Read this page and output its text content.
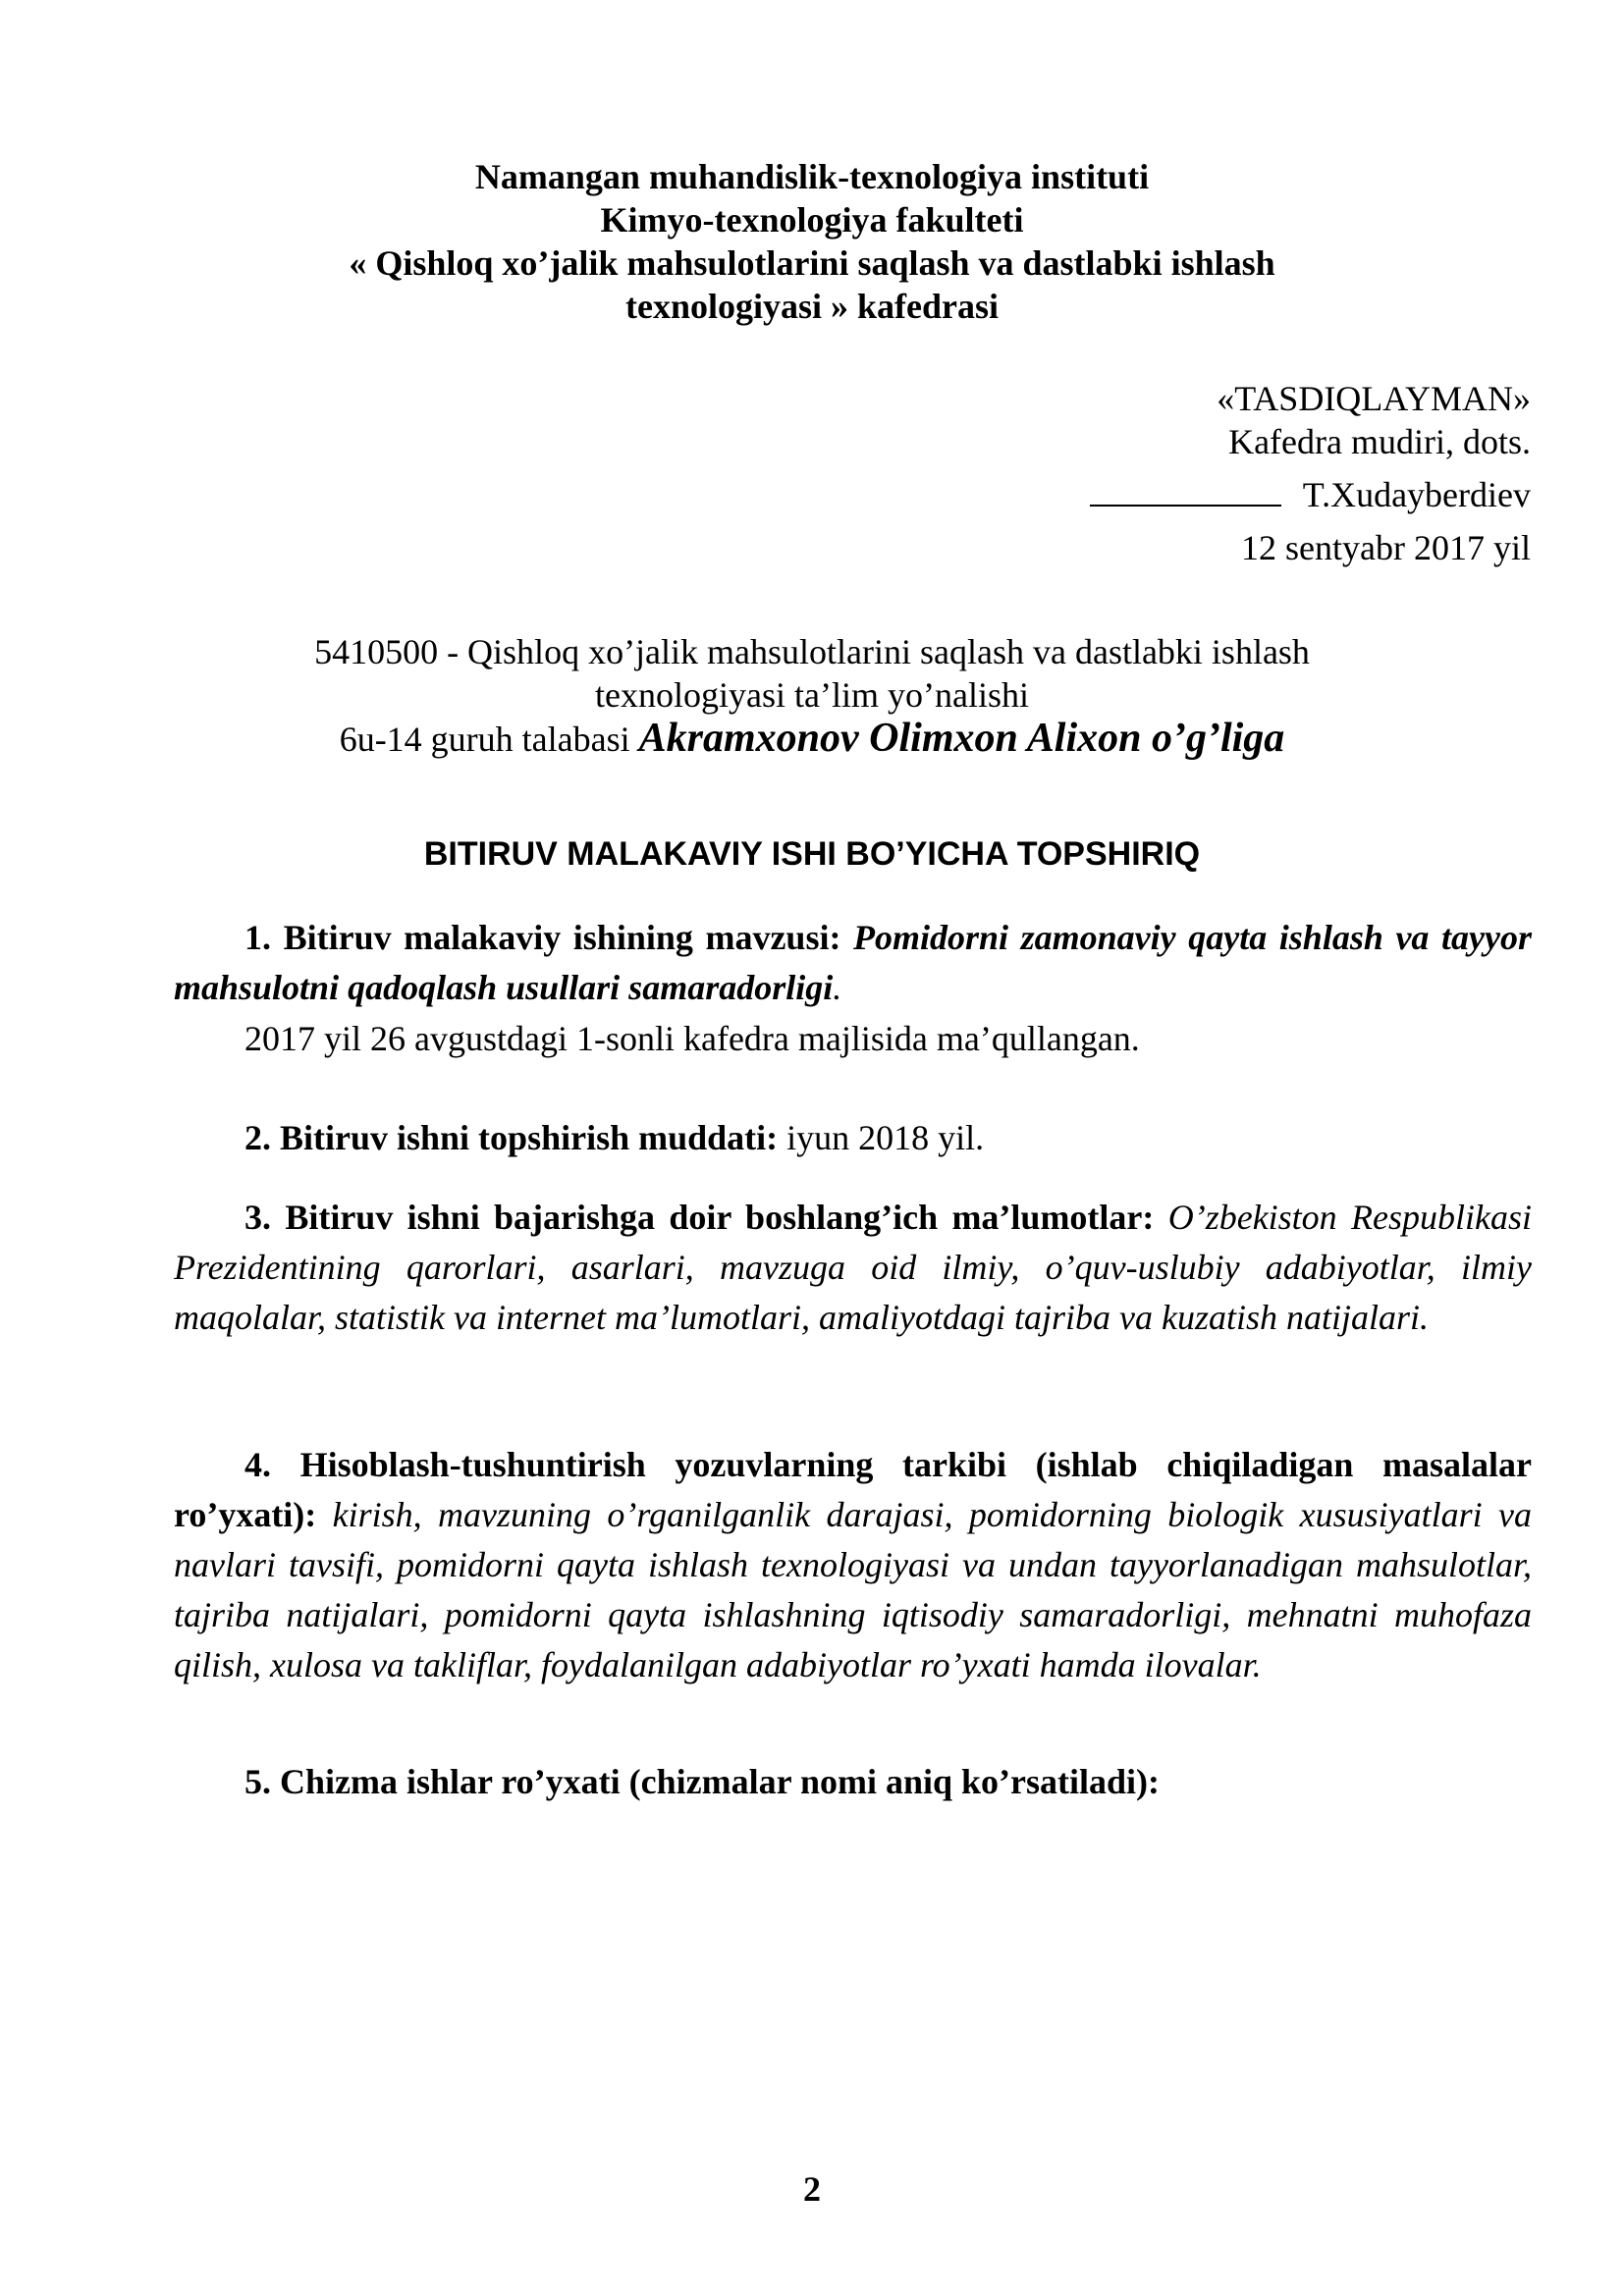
Namangan muhandislik-texnologiya instituti
Kimyo-texnologiya fakulteti
« Qishloq xo’jalik mahsulotlarini saqlash va dastlabki ishlash
texnologiyasi » kafedrasi
«TASDIQLAYMAN»
Kafedra mudiri, dots.
T.Xudayberdiev
12 sentyabr 2017 yil
5410500 - Qishloq xo’jalik mahsulotlarini saqlash va dastlabki ishlash
texnologiyasi ta’lim yo’nalishi
6u-14 guruh talabasi Akramxonov Olimxon Alixon o’g’liga
BITIRUV MALAKAVIY ISHI BO’YICHA TOPSHIRIQ
1. Bitiruv malakaviy ishining mavzusi: Pomidorni zamonaviy qayta ishlash va tayyor mahsulotni qadoqlash usullari samaradorligi.
2017 yil 26 avgustdagi 1-sonli kafedra majlisida ma’qullangan.
2. Bitiruv ishni topshirish muddati: iyun 2018 yil.
3. Bitiruv ishni bajarishga doir boshlang’ich ma’lumotlar: O’zbekiston Respublikasi Prezidentining qarorlari, asarlari, mavzuga oid ilmiy, o’quv-uslubiy adabiyotlar, ilmiy maqolalar, statistik va internet ma’lumotlari, amaliyotdagi tajriba va kuzatish natijalari.
4. Hisoblash-tushuntirish yozuvlarning tarkibi (ishlab chiqiladigan masalalar ro’yxati): kirish, mavzuning o’rganilganlik darajasi, pomidorning biologik xususiyatlari va navlari tavsifi, pomidorni qayta ishlash texnologiyasi va undan tayyorlanadigan mahsulotlar, tajriba natijalari, pomidorni qayta ishlashning iqtisodiy samaradorligi, mehnatni muhofaza qilish, xulosa va takliflar, foydalanilgan adabiyotlar ro’yxati hamda ilovalar.
5. Chizma ishlar ro’yxati (chizmalar nomi aniq ko’rsatiladi):
2
